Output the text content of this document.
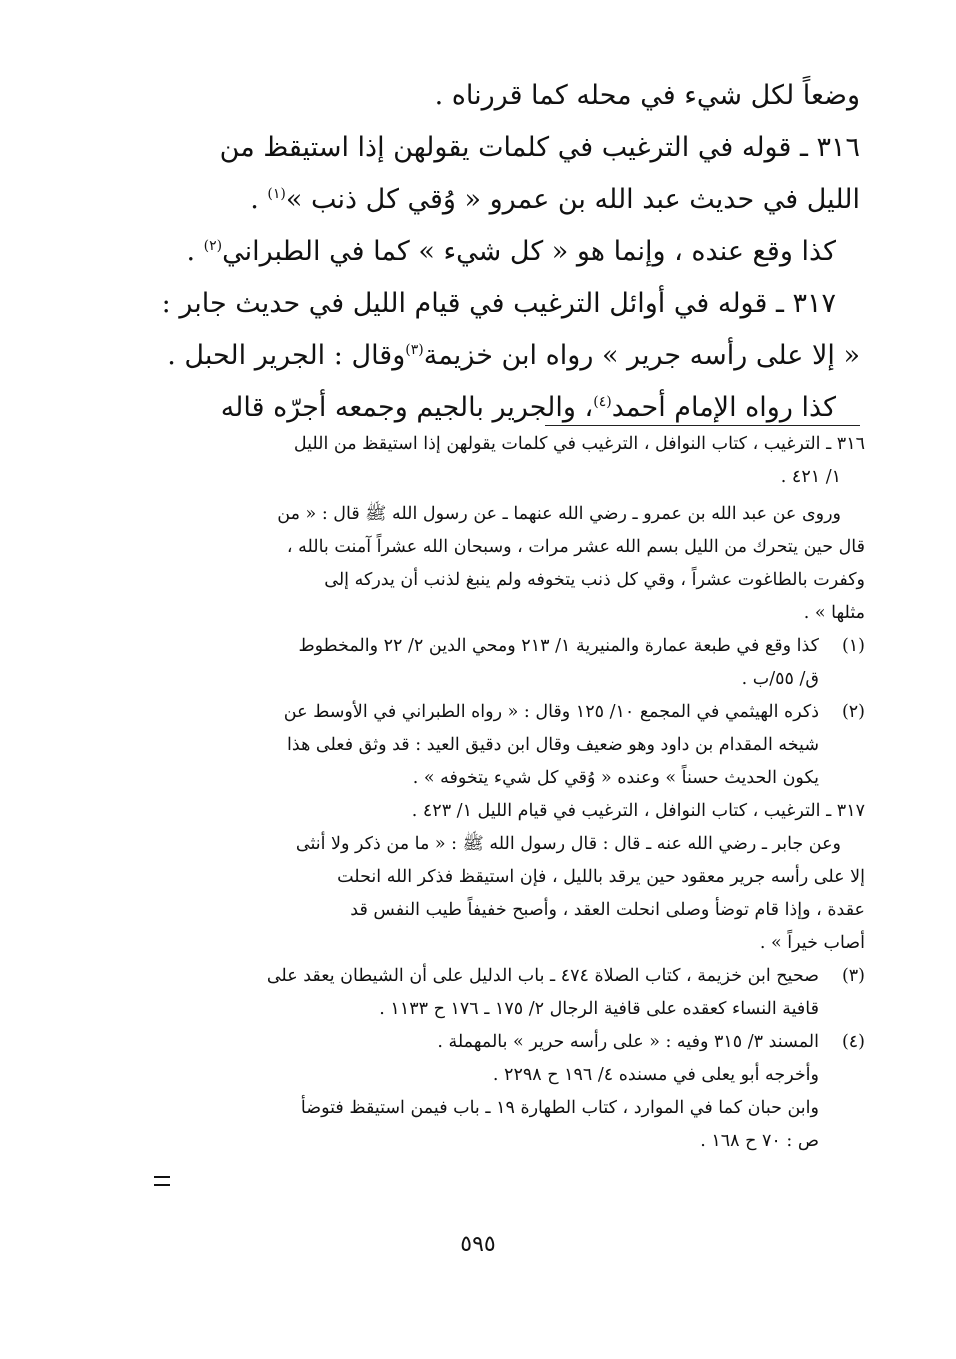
وضعاً لكل شيء في محله كما قررناه .
٣١٦ ـ قوله في الترغيب في كلمات يقولهن إذا استيقظ من
الليل في حديث عبد الله بن عمرو « وُقي كل ذنب »$^{(١)}$ .
كذا وقع عنده ، وإنما هو « كل شيء » كما في الطبراني$^{(٢)}$ .
٣١٧ ـ قوله في أوائل الترغيب في قيام الليل في حديث جابر :
« إلا على رأسه جرير » رواه ابن خزيمة$^{(٣)}$وقال : الجرير الحبل .
كذا رواه الإمام أحمد$^{(٤)}$، والجرير بالجيم وجمعه أجرّه قاله
٣١٦ ـ الترغيب ، كتاب النوافل ، الترغيب في كلمات يقولهن إذا استيقظ من الليل
١/ ٤٢١ .
وروى عن عبد الله بن عمرو ـ رضي الله عنهما ـ عن رسول الله ﷺ قال : « من
قال حين يتحرك من الليل بسم الله عشر مرات ، وسبحان الله عشراً آمنت بالله ،
وكفرت بالطاغوت عشراً ، وقي كل ذنب يتخوفه ولم ينبغ لذنب أن يدركه إلى
مثلها » .
(١)كذا وقع في طبعة عمارة والمنيرية ١/ ٢١٣ ومحي الدين ٢/ ٢٢ والمخطوط
ق/ ٥٥/ب .
(٢)ذكره الهيثمي في المجمع ١٠/ ١٢٥ وقال : « رواه الطبراني في الأوسط عن
شيخه المقدام بن داود وهو ضعيف وقال ابن دقيق العيد : قد وثق فعلى هذا
يكون الحديث حسناً » وعنده « وُقي كل شيء يتخوفه » .
٣١٧ ـ الترغيب ، كتاب النوافل ، الترغيب في قيام الليل ١/ ٤٢٣ .
وعن جابر ـ رضي الله عنه ـ قال : قال رسول الله ﷺ : « ما من ذكر ولا أنثى
إلا على رأسه جرير معقود حين يرقد بالليل ، فإن استيقظ فذكر الله انحلت
عقدة ، وإذا قام توضأ وصلى انحلت العقد ، وأصبح خفيفاً طيب النفس قد
أصاب خيراً » .
(٣)صحيح ابن خزيمة ، كتاب الصلاة ٤٧٤ ـ باب الدليل على أن الشيطان يعقد على
قافية النساء كعقده على قافية الرجال ٢/ ١٧٥ ـ ١٧٦ ح ١١٣٣ .
(٤)المسند ٣/ ٣١٥ وفيه : « على رأسه حرير » بالمهملة .
وأخرجه أبو يعلى في مسنده ٤/ ١٩٦ ح ٢٢٩٨ .
وابن حبان كما في الموارد ، كتاب الطهارة ١٩ ـ باب فيمن استيقظ فتوضأ
ص : ٧٠ ح ١٦٨ .
٥٩٥
